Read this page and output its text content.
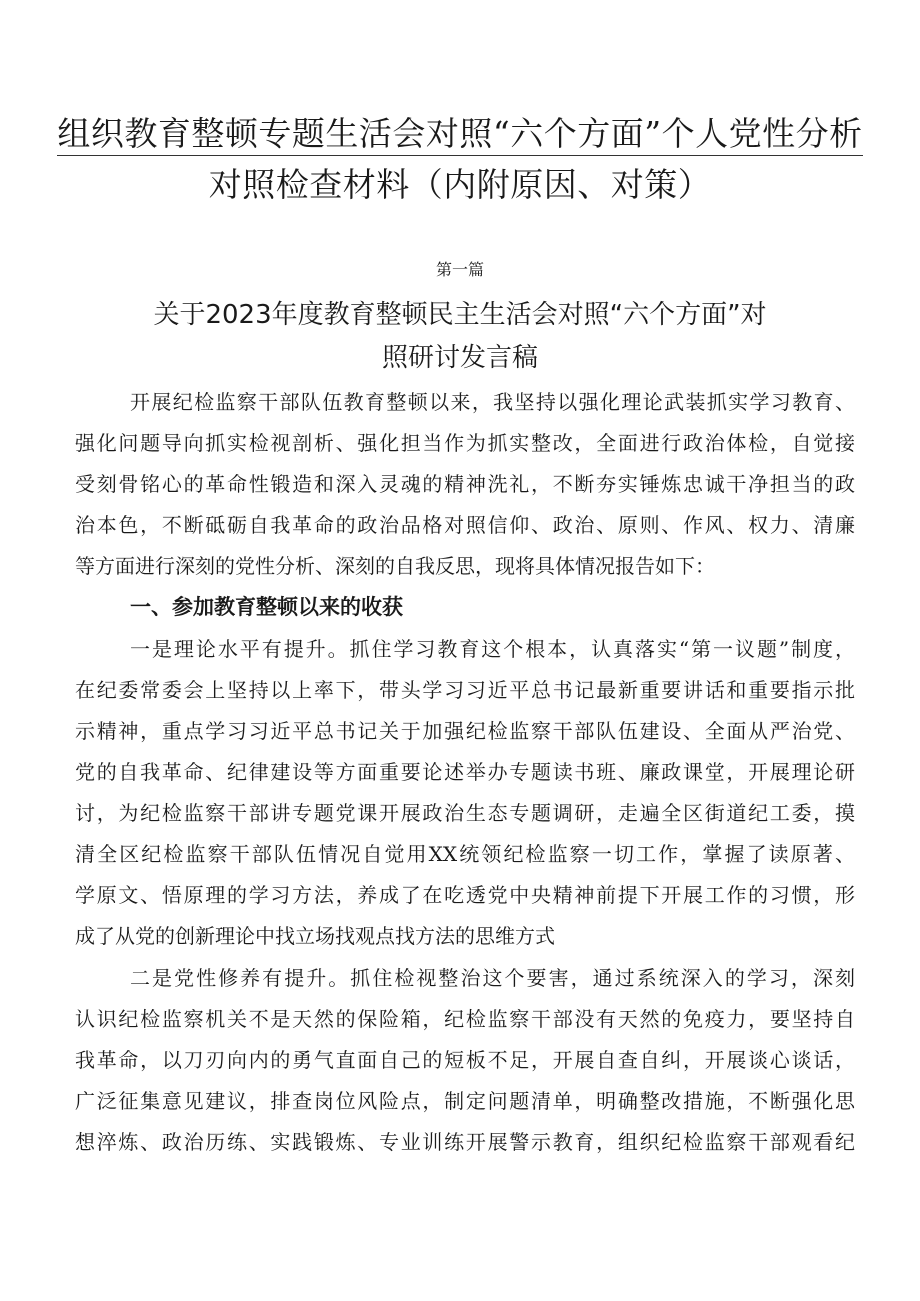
组织教育整顿专题生活会对照“六个方面”个人党性分析
对照检查材料（内附原因、对策）
第一篇
关于2023年度教育整顿民主生活会对照“六个方面”对
照研讨发言稿
开展纪检监察干部队伍教育整顿以来，我坚持以强化理论武装抓实学习教育、
强化问题导向抓实检视剖析、强化担当作为抓实整改，全面进行政治体检，自觉接
受刻骨铭心的革命性锻造和深入灵魂的精神洗礼，不断夯实锤炼忠诚干净担当的政
治本色，不断砥砺自我革命的政治品格对照信仰、政治、原则、作风、权力、清廉
等方面进行深刻的党性分析、深刻的自我反思，现将具体情况报告如下：
一、参加教育整顿以来的收获
一是理论水平有提升。抓住学习教育这个根本，认真落实“第一议题”制度，
在纪委常委会上坚持以上率下，带头学习习近平总书记最新重要讲话和重要指示批
示精神，重点学习习近平总书记关于加强纪检监察干部队伍建设、全面从严治党、
党的自我革命、纪律建设等方面重要论述举办专题读书班、廉政课堂，开展理论研
讨，为纪检监察干部讲专题党课开展政治生态专题调研，走遍全区街道纪工委，摸
清全区纪检监察干部队伍情况自觉用XX统领纪检监察一切工作，掌握了读原著、
学原文、悟原理的学习方法，养成了在吃透党中央精神前提下开展工作的习惯，形
成了从党的创新理论中找立场找观点找方法的思维方式
二是党性修养有提升。抓住检视整治这个要害，通过系统深入的学习，深刻
认识纪检监察机关不是天然的保险箱，纪检监察干部没有天然的免疫力，要坚持自
我革命，以刀刃向内的勇气直面自己的短板不足，开展自查自纠，开展谈心谈话，
广泛征集意见建议，排查岗位风险点，制定问题清单，明确整改措施，不断强化思
想淬炼、政治历练、实践锻炼、专业训练开展警示教育，组织纪检监察干部观看纪
